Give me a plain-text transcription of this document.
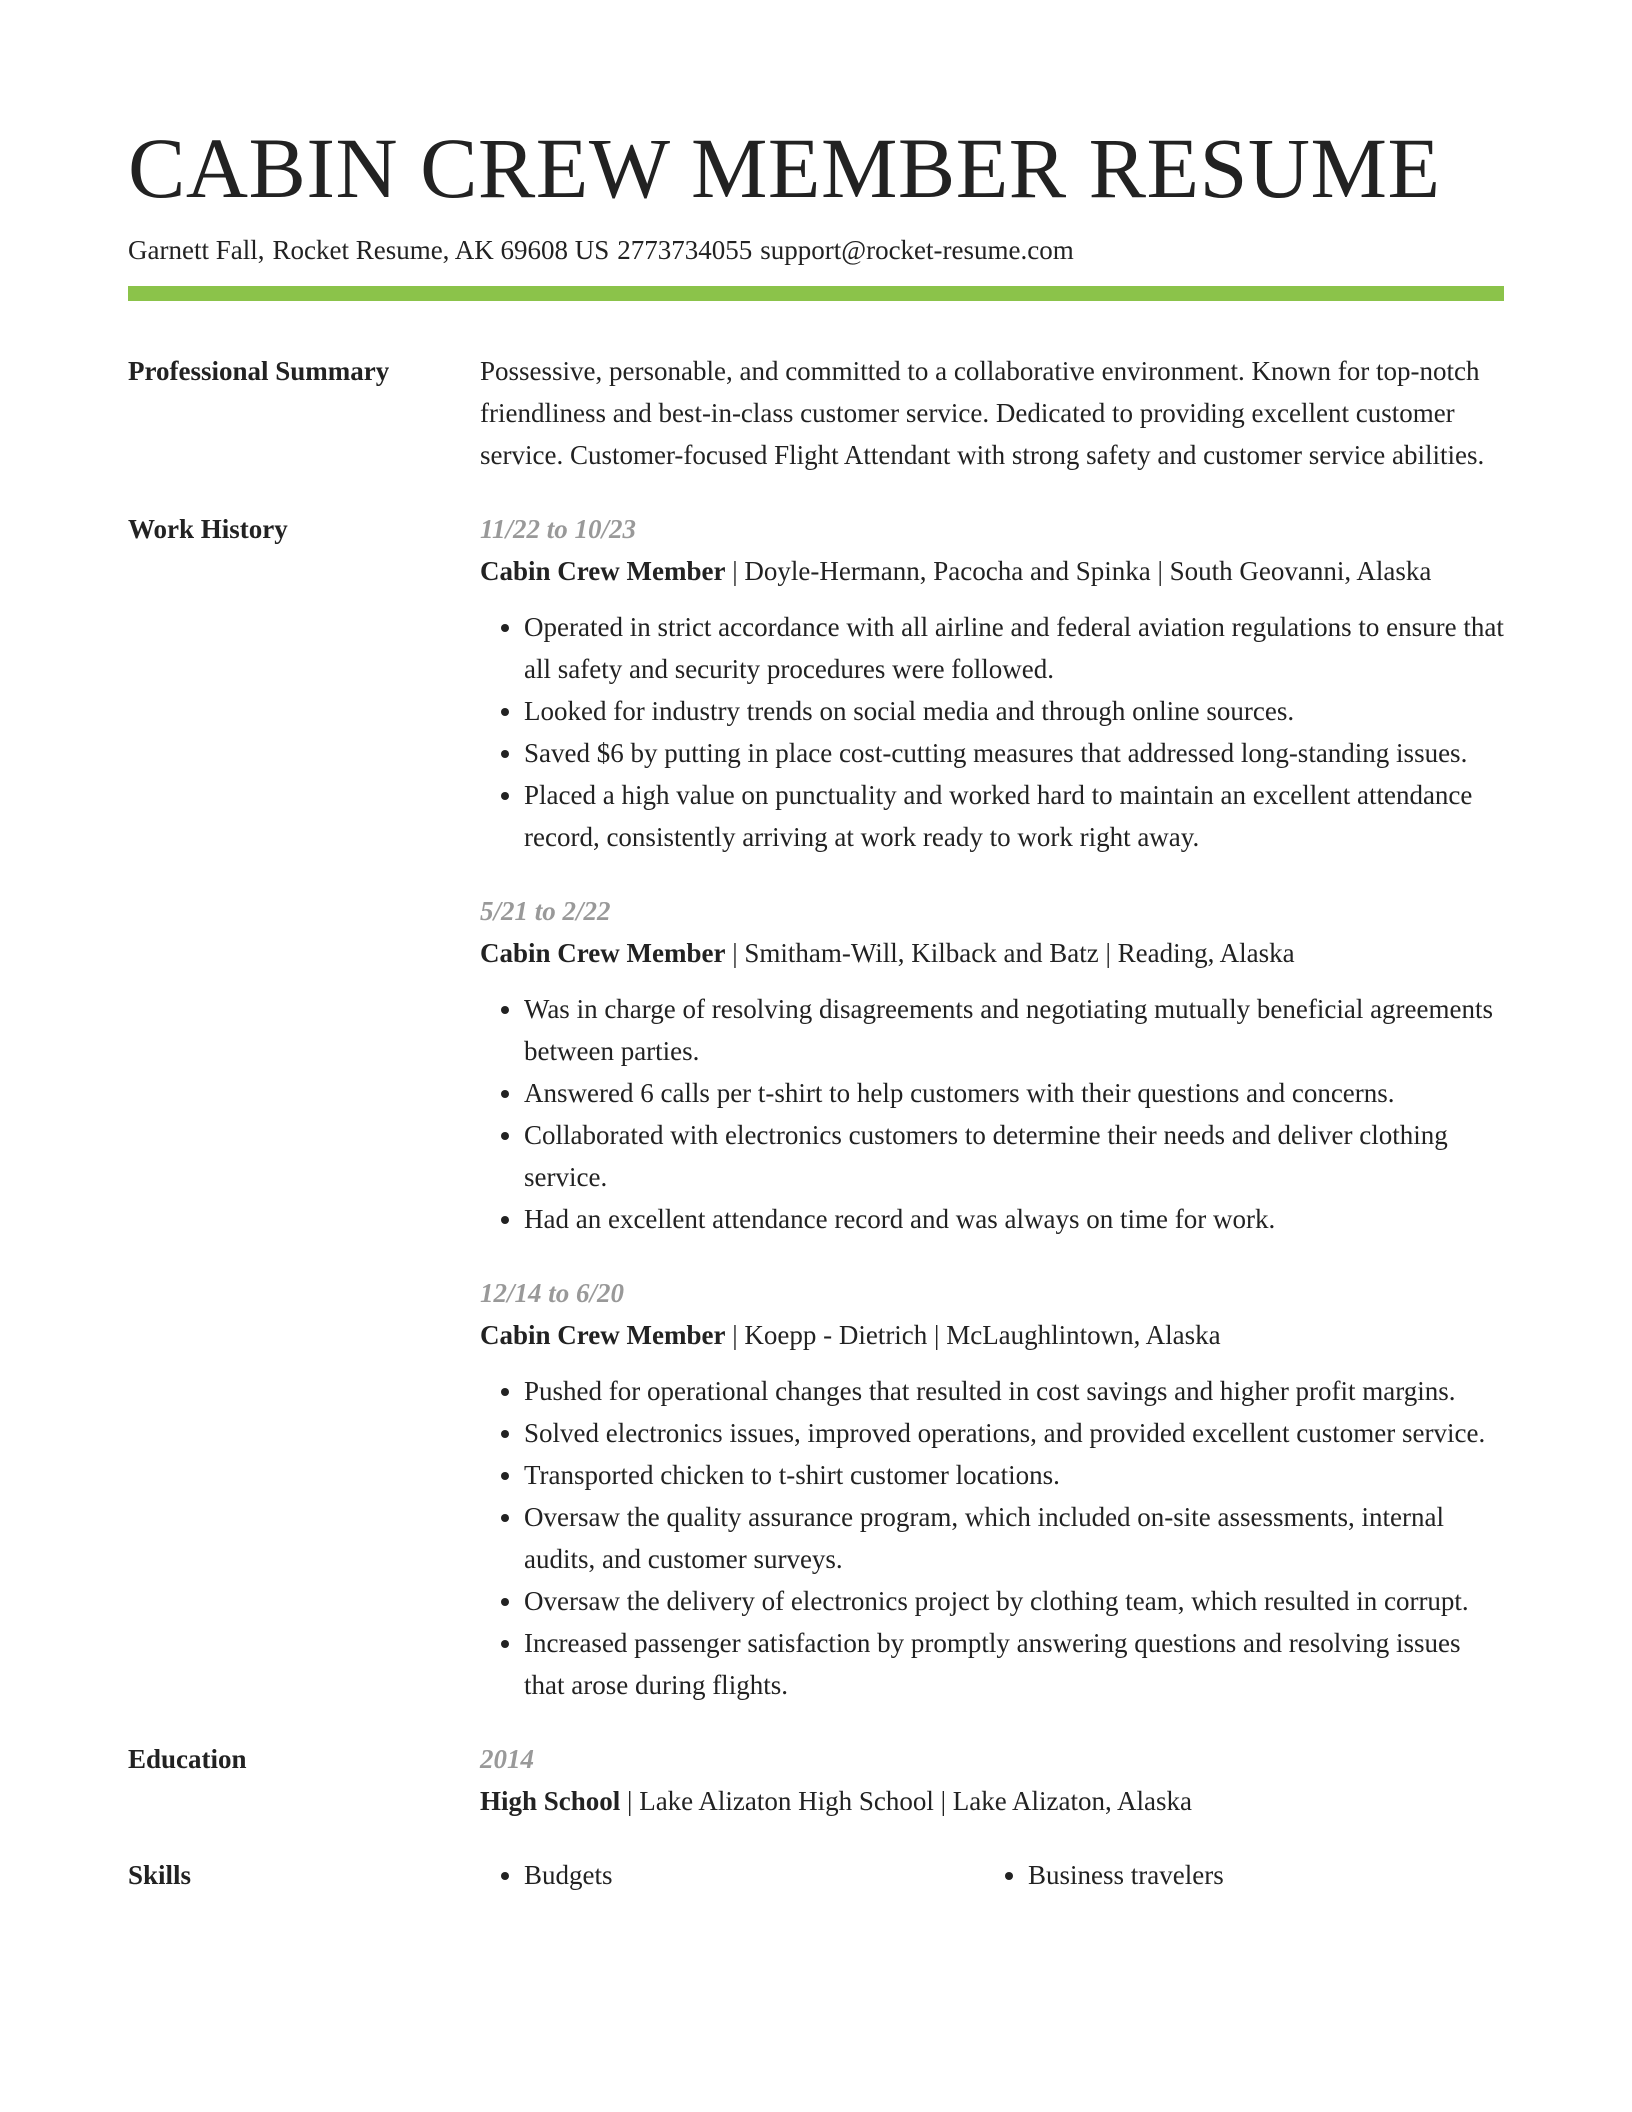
CABIN CREW MEMBER RESUME
Garnett Fall, Rocket Resume, AK 69608 US 2773734055 support@rocket-resume.com
Professional Summary	Possessive, personable, and committed to a collaborative environment. Known for top-notch friendliness and best-in-class customer service. Dedicated to providing excellent customer service. Customer-focused Flight Attendant with strong safety and customer service abilities.
Work History	11/22 to 10/23
Cabin Crew Member | Doyle-Hermann, Pacocha and Spinka | South Geovanni, Alaska
• Operated in strict accordance with all airline and federal aviation regulations to ensure that all safety and security procedures were followed.
• Looked for industry trends on social media and through online sources.
• Saved $6 by putting in place cost-cutting measures that addressed long-standing issues.
• Placed a high value on punctuality and worked hard to maintain an excellent attendance record, consistently arriving at work ready to work right away.
5/21 to 2/22
Cabin Crew Member | Smitham-Will, Kilback and Batz | Reading, Alaska
• Was in charge of resolving disagreements and negotiating mutually beneficial agreements between parties.
• Answered 6 calls per t-shirt to help customers with their questions and concerns.
• Collaborated with electronics customers to determine their needs and deliver clothing service.
• Had an excellent attendance record and was always on time for work.
12/14 to 6/20
Cabin Crew Member | Koepp - Dietrich | McLaughlintown, Alaska
• Pushed for operational changes that resulted in cost savings and higher profit margins.
• Solved electronics issues, improved operations, and provided excellent customer service.
• Transported chicken to t-shirt customer locations.
• Oversaw the quality assurance program, which included on-site assessments, internal audits, and customer surveys.
• Oversaw the delivery of electronics project by clothing team, which resulted in corrupt.
• Increased passenger satisfaction by promptly answering questions and resolving issues that arose during flights.
Education	2014
High School | Lake Alizaton High School | Lake Alizaton, Alaska
Skills	• Budgets	• Business travelers
